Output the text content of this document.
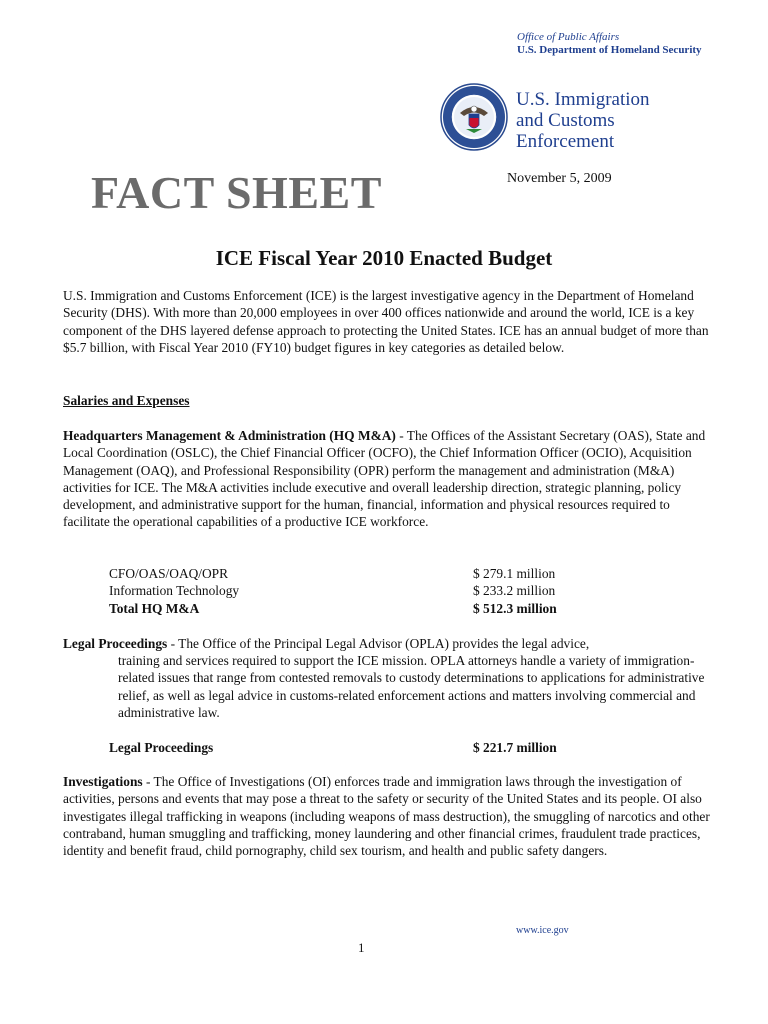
Office of Public Affairs
U.S. Department of Homeland Security
U.S. Immigration
and Customs
Enforcement
FACT SHEET	November 5, 2009
ICE Fiscal Year 2010 Enacted Budget
U.S. Immigration and Customs Enforcement (ICE) is the largest investigative agency in the Department of Homeland Security (DHS). With more than 20,000 employees in over 400 offices nationwide and around the world, ICE is a key component of the DHS layered defense approach to protecting the United States. ICE has an annual budget of more than $5.7 billion, with Fiscal Year 2010 (FY10) budget figures in key categories as detailed below.
Salaries and Expenses
Headquarters Management & Administration (HQ M&A) - The Offices of the Assistant Secretary (OAS), State and Local Coordination (OSLC), the Chief Financial Officer (OCFO), the Chief Information Officer (OCIO), Acquisition Management (OAQ), and Professional Responsibility (OPR) perform the management and administration (M&A) activities for ICE. The M&A activities include executive and overall leadership direction, strategic planning, policy development, and administrative support for the human, financial, information and physical resources required to facilitate the operational capabilities of a productive ICE workforce.
CFO/OAS/OAQ/OPR	$ 279.1 million
Information Technology	$ 233.2 million
Total HQ M&A	$ 512.3 million
Legal Proceedings - The Office of the Principal Legal Advisor (OPLA) provides the legal advice,
training and services required to support the ICE mission. OPLA attorneys handle a variety of immigration-related issues that range from contested removals to custody determinations to applications for administrative relief, as well as legal advice in customs-related enforcement actions and matters involving commercial and administrative law.
Legal Proceedings	$ 221.7 million
Investigations - The Office of Investigations (OI) enforces trade and immigration laws through the investigation of activities, persons and events that may pose a threat to the safety or security of the United States and its people. OI also investigates illegal trafficking in weapons (including weapons of mass destruction), the smuggling of narcotics and other contraband, human smuggling and trafficking, money laundering and other financial crimes, fraudulent trade practices, identity and benefit fraud, child pornography, child sex tourism, and health and public safety dangers.
www.ice.gov
1
